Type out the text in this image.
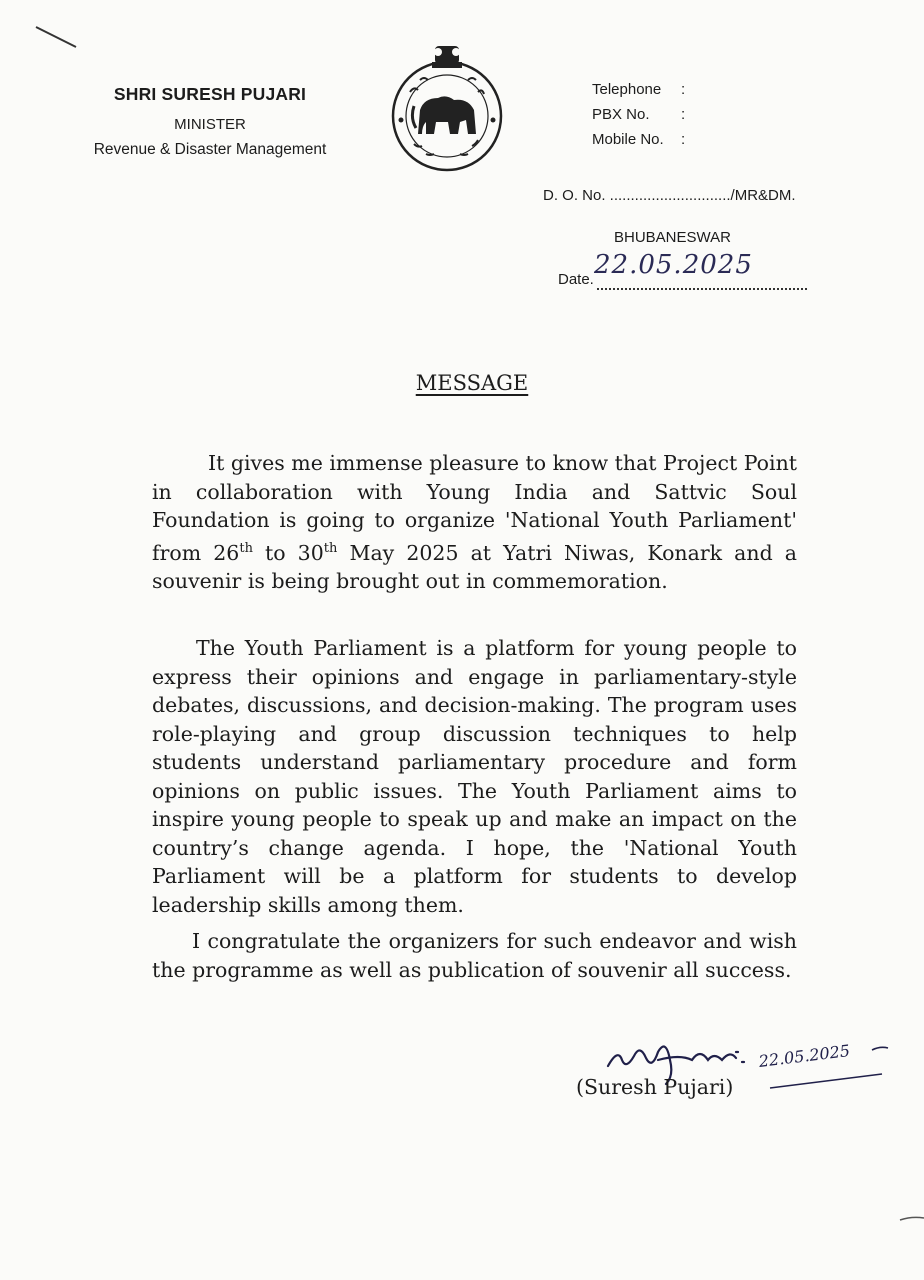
SHRI SURESH PUJARI
MINISTER
Revenue & Disaster Management
Telephone :
PBX No. :
Mobile No. :
D. O. No. ............................./MR&DM.
BHUBANESWAR
Date. 22.05.2025
MESSAGE

It gives me immense pleasure to know that Project Point in collaboration with Young India and Sattvic Soul Foundation is going to organize 'National Youth Parliament' from 26th to 30th May 2025 at Yatri Niwas, Konark and a souvenir is being brought out in commemoration.

The Youth Parliament is a platform for young people to express their opinions and engage in parliamentary-style debates, discussions, and decision-making. The program uses role-playing and group discussion techniques to help students understand parliamentary procedure and form opinions on public issues. The Youth Parliament aims to inspire young people to speak up and make an impact on the country’s change agenda. I hope, the 'National Youth Parliament will be a platform for students to develop leadership skills among them.

I congratulate the organizers for such endeavor and wish the programme as well as publication of souvenir all success.

(Suresh Pujari)
22.05.2025
